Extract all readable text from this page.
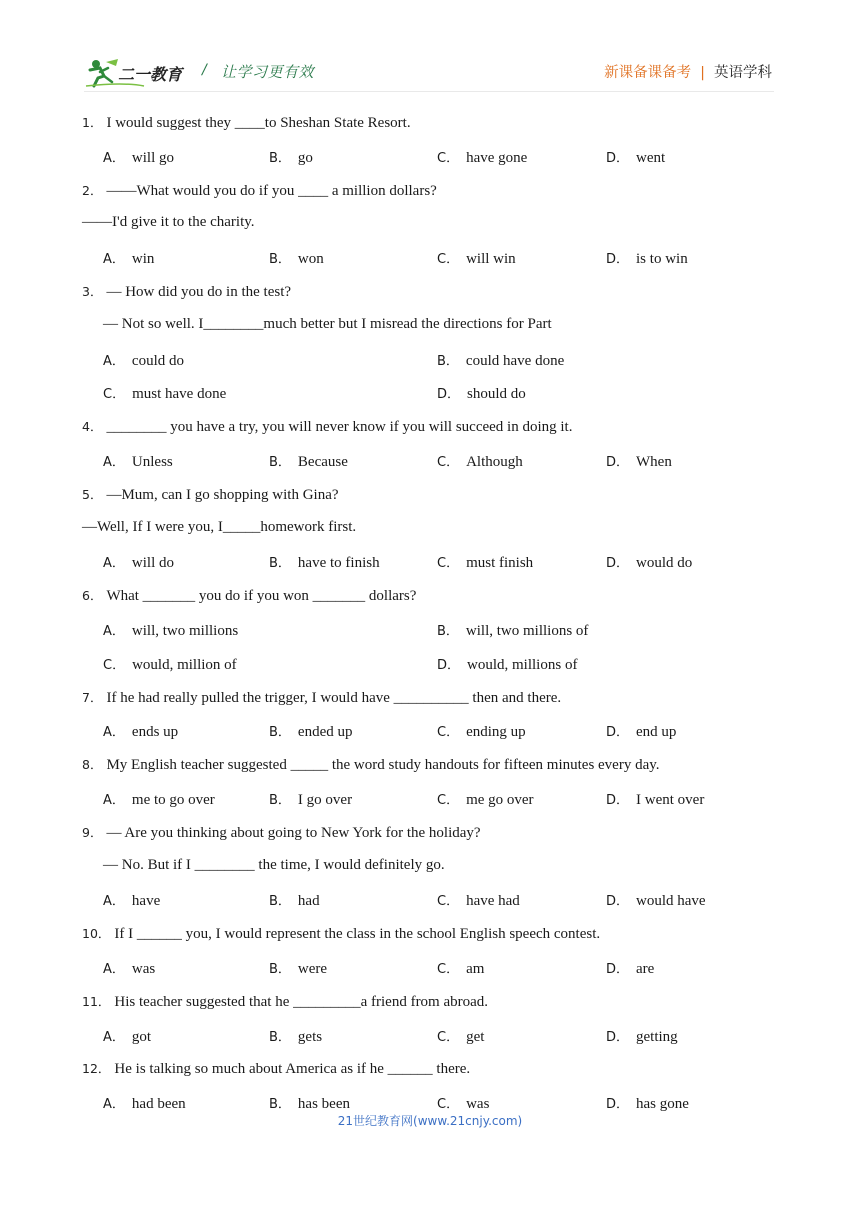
二一教育 / 让学习更有效	新课备课备考 | 英语学科
1． I would suggest they ____to Sheshan State Resort.
A． will go	B． go	C． have gone	D． went
2． ——What would you do if you ____ a million dollars?
——I'd give it to the charity.
A． win	B． won	C． will win	D． is to win
3． — How did you do in the test?
— Not so well. I________much better but I misread the directions for Part
A． could do	B． could have done
C． must have done	D． should do
4． ________ you have a try, you will never know if you will succeed in doing it.
A． Unless	B． Because	C． Although	D． When
5． —Mum, can I go shopping with Gina?
—Well, If I were you, I_____homework first.
A． will do	B． have to finish	C． must finish	D． would do
6． What _______ you do if you won _______ dollars?
A． will, two millions	B． will, two millions of
C． would, million of	D． would, millions of
7． If he had really pulled the trigger, I would have __________ then and there.
A． ends up	B． ended up	C． ending up	D． end up
8． My English teacher suggested _____ the word study handouts for fifteen minutes every day.
A． me to go over	B． I go over	C． me go over	D． I went over
9． — Are you thinking about going to New York for the holiday?
— No. But if I ________ the time, I would definitely go.
A． have	B． had	C． have had	D． would have
10． If I ______ you, I would represent the class in the school English speech contest.
A． was	B． were	C． am	D． are
11． His teacher suggested that he _________a friend from abroad.
A． got	B． gets	C． get	D． getting
12． He is talking so much about America as if he ______ there.
A． had been	B． has been	C． was	D． has gone
21世纪教育网(www.21cnjy.com)
